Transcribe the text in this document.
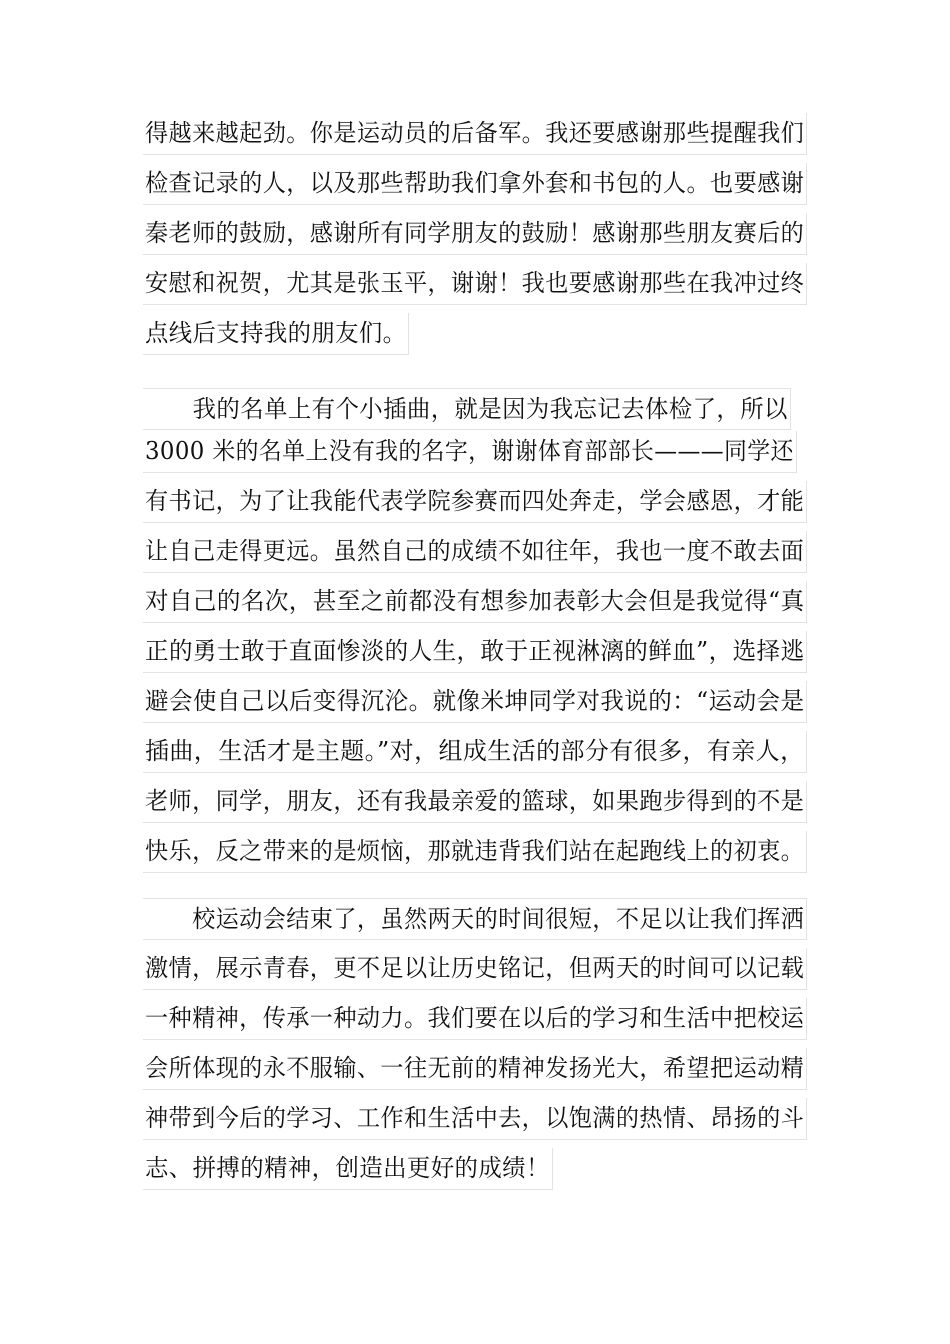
得越来越起劲。你是运动员的后备军。我还要感谢那些提醒我们
检查记录的人，以及那些帮助我们拿外套和书包的人。也要感谢
秦老师的鼓励，感谢所有同学朋友的鼓励！感谢那些朋友赛后的
安慰和祝贺，尤其是张玉平，谢谢！我也要感谢那些在我冲过终
点线后支持我的朋友们。
　　我的名单上有个小插曲，就是因为我忘记去体检了，所以
3000 米的名单上没有我的名字，谢谢体育部部长———同学还
有书记，为了让我能代表学院参赛而四处奔走，学会感恩，才能
让自己走得更远。虽然自己的成绩不如往年，我也一度不敢去面
对自己的名次，甚至之前都没有想参加表彰大会但是我觉得“真
正的勇士敢于直面惨淡的人生，敢于正视淋漓的鲜血”，选择逃
避会使自己以后变得沉沦。就像米坤同学对我说的：“运动会是
插曲，生活才是主题。”对，组成生活的部分有很多，有亲人，
老师，同学，朋友，还有我最亲爱的篮球，如果跑步得到的不是
快乐，反之带来的是烦恼，那就违背我们站在起跑线上的初衷。
　　校运动会结束了，虽然两天的时间很短，不足以让我们挥洒
激情，展示青春，更不足以让历史铭记，但两天的时间可以记载
一种精神，传承一种动力。我们要在以后的学习和生活中把校运
会所体现的永不服输、一往无前的精神发扬光大，希望把运动精
神带到今后的学习、工作和生活中去，以饱满的热情、昂扬的斗
志、拼搏的精神，创造出更好的成绩！
